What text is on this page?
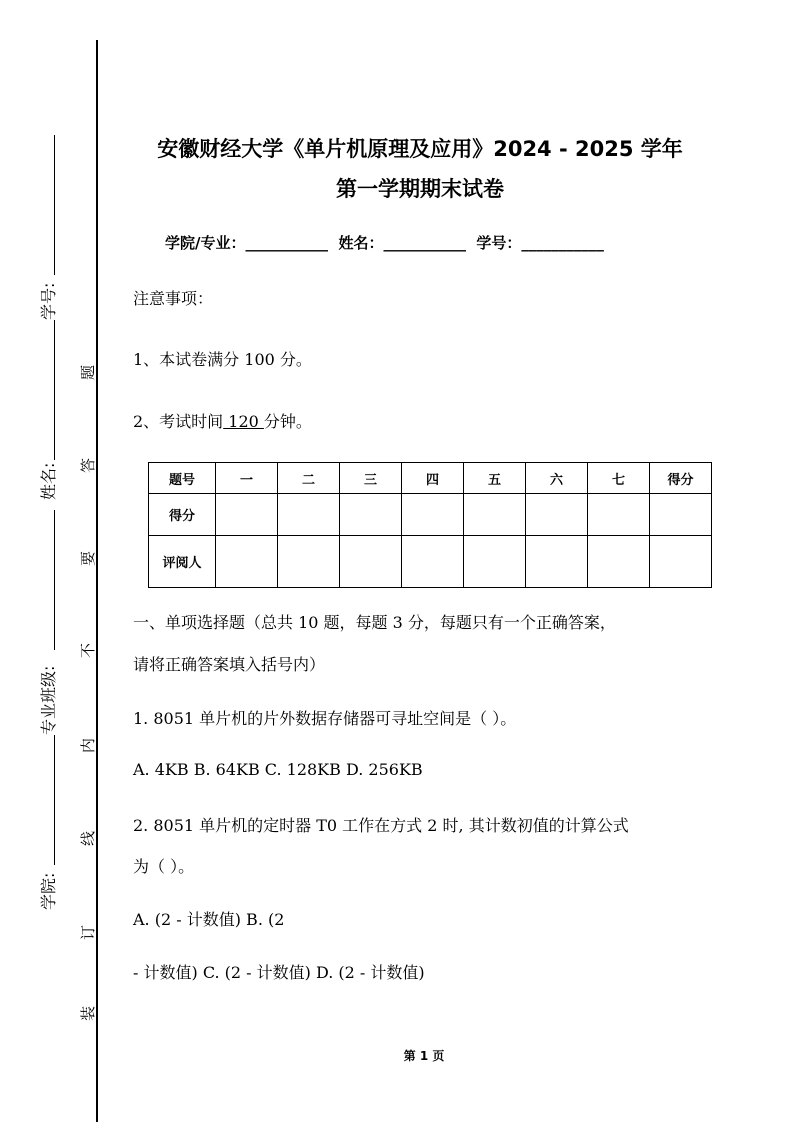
学号:
姓名:
专业班级:
学院:
装
订
线
内
不
要
答
题
安徽财经大学《单片机原理及应用》2024 - 2025 学年
第一学期期末试卷
学院/专业：___________ 姓名：___________ 学号：___________
注意事项：
1、本试卷满分 100 分。
2、考试时间 120 分钟。
题号	一	二	三	四	五	六	七	得分
得分								
评阅人								
一、单项选择题（总共 10 题，每题 3 分，每题只有一个正确答案，
请将正确答案填入括号内）
1. 8051 单片机的片外数据存储器可寻址空间是（ ）。
A. 4KB B. 64KB C. 128KB D. 256KB
2. 8051 单片机的定时器 T0 工作在方式 2 时, 其计数初值的计算公式
为（ ）。
A. (2 - 计数值) B. (2
- 计数值) C. (2 - 计数值) D. (2 - 计数值)
第 1 页
